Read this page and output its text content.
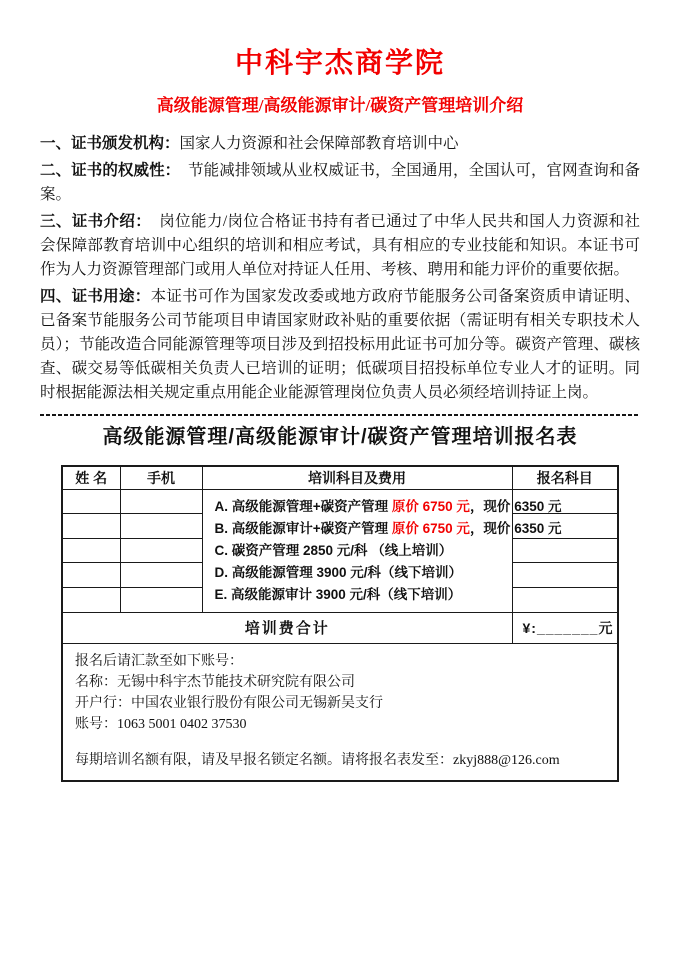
中科宇杰商学院
高级能源管理/高级能源审计/碳资产管理培训介绍
一、证书颁发机构：国家人力资源和社会保障部教育培训中心
二、证书的权威性：　节能减排领域从业权威证书，全国通用，全国认可，官网查询和备案。
三、证书介绍：　岗位能力/岗位合格证书持有者已通过了中华人民共和国人力资源和社会保障部教育培训中心组织的培训和相应考试，具有相应的专业技能和知识。本证书可作为人力资源管理部门或用人单位对持证人任用、考核、聘用和能力评价的重要依据。
四、证书用途：本证书可作为国家发改委或地方政府节能服务公司备案资质申请证明、已备案节能服务公司节能项目申请国家财政补贴的重要依据（需证明有相关专职技术人员）；节能改造合同能源管理等项目涉及到招投标用此证书可加分等。碳资产管理、碳核查、碳交易等低碳相关负责人已培训的证明；低碳项目招投标单位专业人才的证明。同时根据能源法相关规定重点用能企业能源管理岗位负责人员必须经培训持证上岗。
高级能源管理/高级能源审计/碳资产管理培训报名表
姓 名	手机	培训科目及费用	报名科目

		A. 高级能源管理+碳资产管理 原价 6750 元，现价 6350 元
B. 高级能源审计+碳资产管理 原价 6750 元，现价 6350 元
C. 碳资产管理 2850 元/科 （线上培训）
D. 高级能源管理 3900 元/科（线下培训）
E. 高级能源审计 3900 元/科（线下培训）	

培训费合计			¥:_______元

报名后请汇款至如下账号：
名称：无锡中科宇杰节能技术研究院有限公司
开户行：中国农业银行股份有限公司无锡新吴支行
账号：1063 5001 0402 37530
每期培训名额有限，请及早报名锁定名额。请将报名表发至：zkyj888@126.com			
